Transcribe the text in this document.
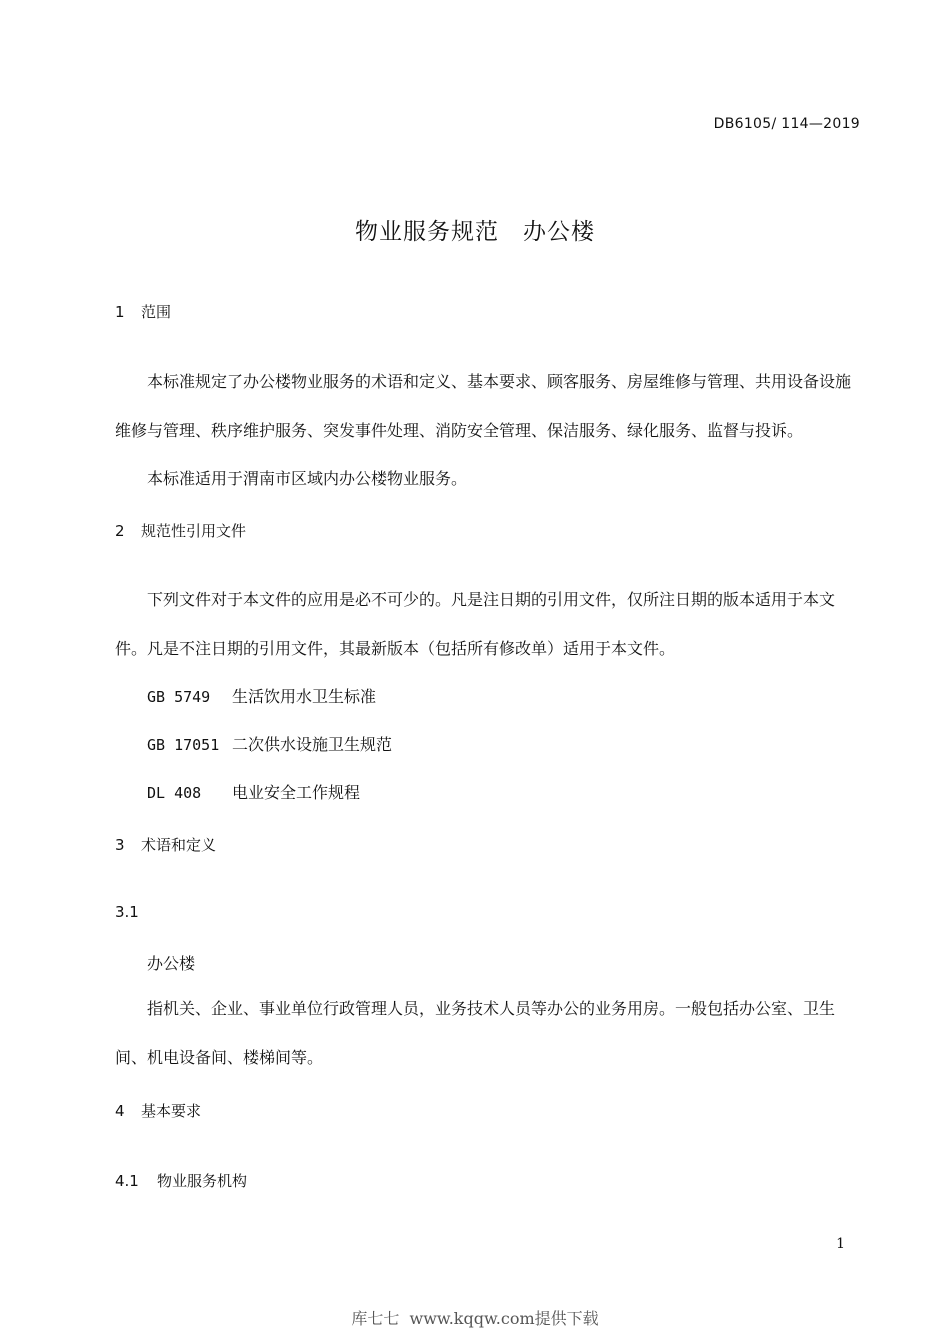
DB6105/ 114—2019
物业服务规范　办公楼
1 范围
本标准规定了办公楼物业服务的术语和定义、基本要求、顾客服务、房屋维修与管理、共用设备设施维修与管理、秩序维护服务、突发事件处理、消防安全管理、保洁服务、绿化服务、监督与投诉。
本标准适用于渭南市区域内办公楼物业服务。
2 规范性引用文件
下列文件对于本文件的应用是必不可少的。凡是注日期的引用文件，仅所注日期的版本适用于本文件。凡是不注日期的引用文件，其最新版本（包括所有修改单）适用于本文件。
GB 5749 生活饮用水卫生标准
GB 17051 二次供水设施卫生规范
DL 408 电业安全工作规程
3 术语和定义
3.1
办公楼
指机关、企业、事业单位行政管理人员，业务技术人员等办公的业务用房。一般包括办公室、卫生间、机电设备间、楼梯间等。
4 基本要求
4.1 物业服务机构
1
库七七  www.kqqw.com提供下载
